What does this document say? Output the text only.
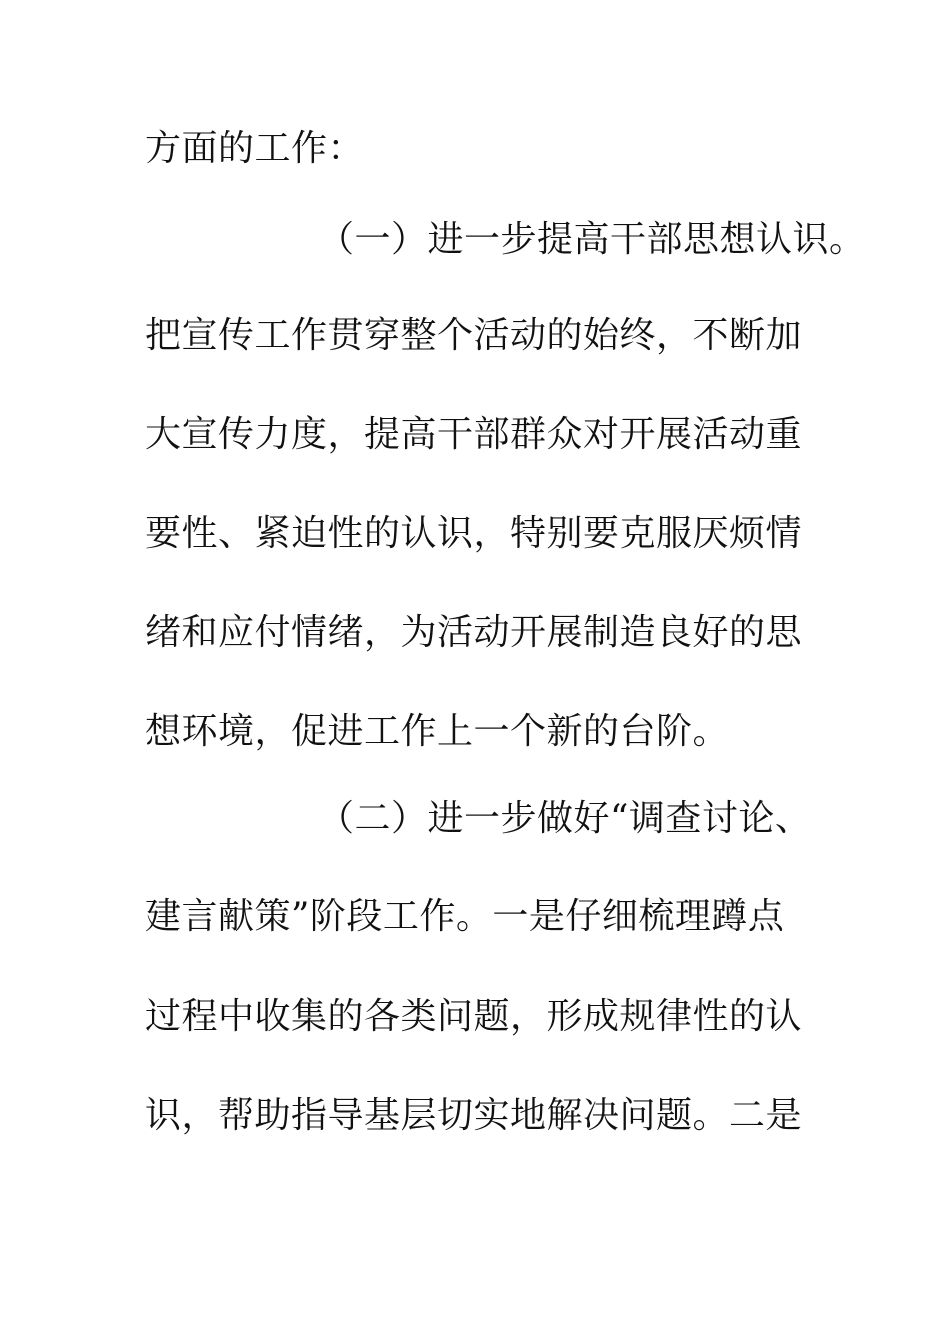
方面的工作：
（一）进一步提高干部思想认识。
把宣传工作贯穿整个活动的始终，不断加
大宣传力度，提高干部群众对开展活动重
要性、紧迫性的认识，特别要克服厌烦情
绪和应付情绪，为活动开展制造良好的思
想环境，促进工作上一个新的台阶。
（二）进一步做好“调查讨论、
建言献策”阶段工作。一是仔细梳理蹲点
过程中收集的各类问题，形成规律性的认
识，帮助指导基层切实地解决问题。二是
